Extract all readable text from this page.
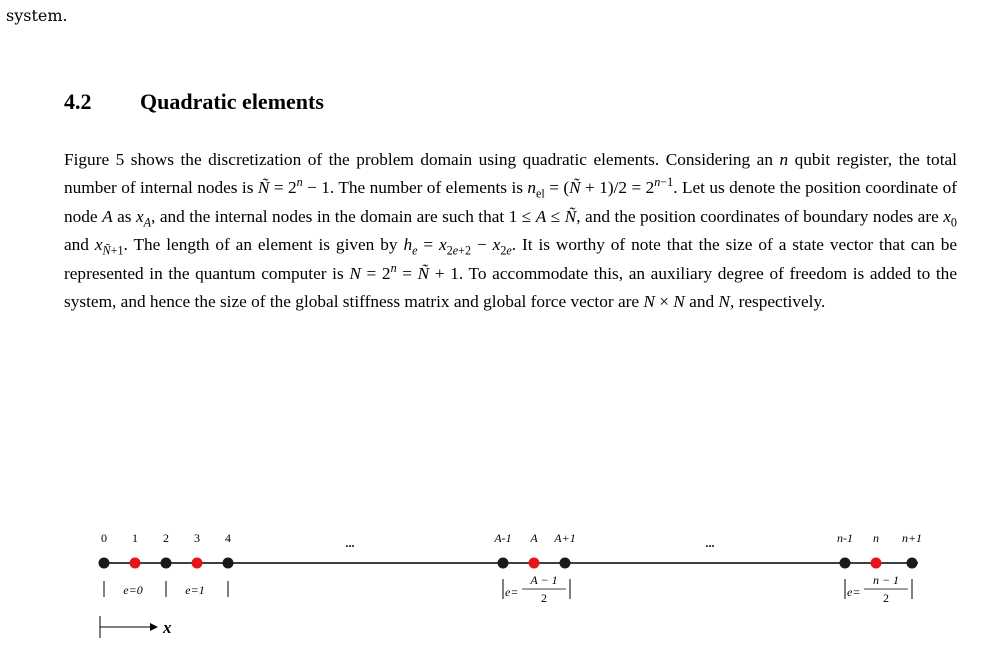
system.
4.2 Quadratic elements
Figure 5 shows the discretization of the problem domain using quadratic elements. Considering an n qubit register, the total number of internal nodes is Ñ = $2^n - 1$. The number of elements is $n_{el}$ = (Ñ + $1)/2 = 2^{n-1}$. Let us denote the position coordinate of node A as $x_A$, and the internal nodes in the domain are such that 1 ≤ A ≤ Ñ, and the position coordinates of boundary nodes are $x_0$ and $x_{Ñ+1}$. The length of an element is given by $h_e = x_{2e+2} - x_{2e}$. It is worthy of note that the size of a state vector that can be represented in the quantum computer is $N = 2^n$ = Ñ + 1. To accommodate this, an auxiliary degree of freedom is added to the system, and hence the size of the global stiffness matrix and global force vector are N × N and N, respectively.
0 1 2 3 4	...	A-1 A A+1	...	n-1 n n+1
e=0	e=1	e=
A − 1
2	e=
n − 1
2
x
